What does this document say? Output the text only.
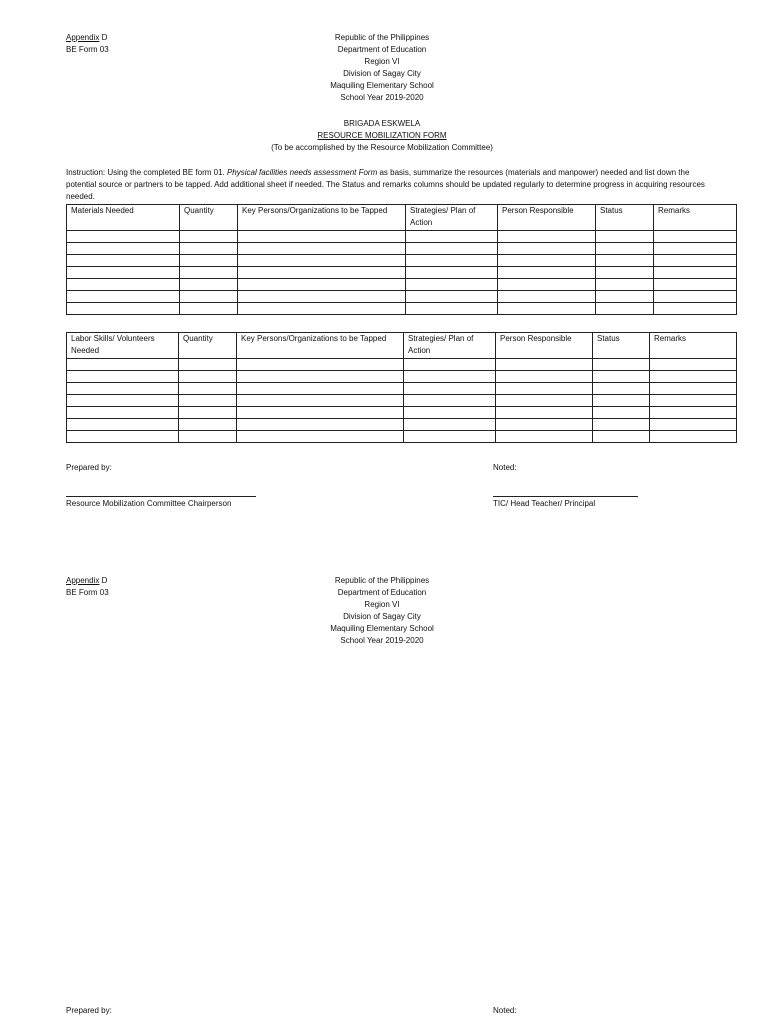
Appendix D
BE Form 03
Republic of the Philippines
Department of Education
Region VI
Division of Sagay City
Maquiling Elementary School
School Year 2019-2020
BRIGADA ESKWELA
RESOURCE MOBILIZATION FORM
(To be accomplished by the Resource Mobilization Committee)
Instruction: Using the completed BE form 01. Physical facilities needs assessment Form as basis, summarize the resources (materials and manpower) needed and list down the potential source or partners to be tapped. Add additional sheet if needed. The Status and remarks columns should be updated regularly to determine progress in acquiring resources needed.
Materials Needed	Quantity	Key Persons/Organizations to be Tapped	Strategies/ Plan of Action	Person Responsible	Status	Remarks

Labor Skills/ Volunteers Needed	Quantity	Key Persons/Organizations to be Tapped	Strategies/ Plan of Action	Person Responsible	Status	Remarks

Prepared by:	Noted:
Resource Mobilization Committee Chairperson	TIC/ Head Teacher/ Principal
Appendix D
BE Form 03
Republic of the Philippines
Department of Education
Region VI
Division of Sagay City
Maquiling Elementary School
School Year 2019-2020
Prepared by:	Noted:
